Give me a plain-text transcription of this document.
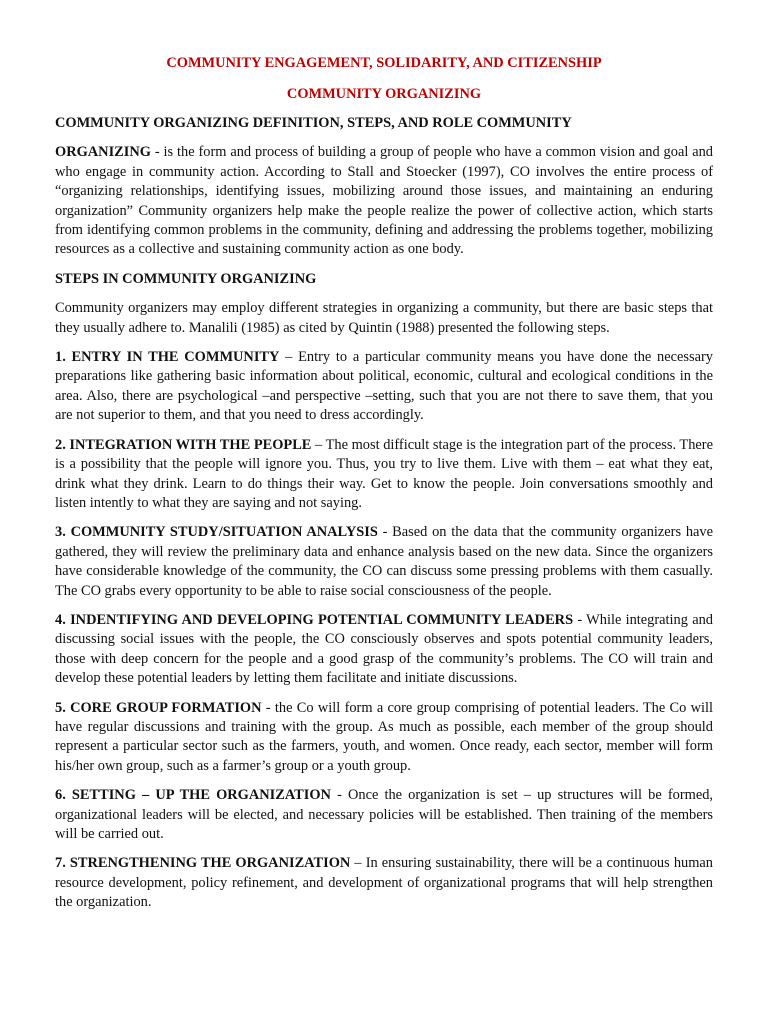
COMMUNITY ENGAGEMENT, SOLIDARITY, AND CITIZENSHIP
COMMUNITY ORGANIZING
COMMUNITY ORGANIZING DEFINITION, STEPS, AND ROLE COMMUNITY

ORGANIZING - is the form and process of building a group of people who have a common vision and goal and who engage in community action. According to Stall and Stoecker (1997), CO involves the entire process of “organizing relationships, identifying issues, mobilizing around those issues, and maintaining an enduring organization” Community organizers help make the people realize the power of collective action, which starts from identifying common problems in the community, defining and addressing the problems together, mobilizing resources as a collective and sustaining community action as one body.

STEPS IN COMMUNITY ORGANIZING

Community organizers may employ different strategies in organizing a community, but there are basic steps that they usually adhere to. Manalili (1985) as cited by Quintin (1988) presented the following steps.

1. ENTRY IN THE COMMUNITY – Entry to a particular community means you have done the necessary preparations like gathering basic information about political, economic, cultural and ecological conditions in the area. Also, there are psychological –and perspective –setting, such that you are not there to save them, that you are not superior to them, and that you need to dress accordingly.

2. INTEGRATION WITH THE PEOPLE – The most difficult stage is the integration part of the process. There is a possibility that the people will ignore you. Thus, you try to live them. Live with them – eat what they eat, drink what they drink. Learn to do things their way. Get to know the people. Join conversations smoothly and listen intently to what they are saying and not saying.

3. COMMUNITY STUDY/SITUATION ANALYSIS - Based on the data that the community organizers have gathered, they will review the preliminary data and enhance analysis based on the new data. Since the organizers have considerable knowledge of the community, the CO can discuss some pressing problems with them casually. The CO grabs every opportunity to be able to raise social consciousness of the people.

4. INDENTIFYING AND DEVELOPING POTENTIAL COMMUNITY LEADERS - While integrating and discussing social issues with the people, the CO consciously observes and spots potential community leaders, those with deep concern for the people and a good grasp of the community’s problems. The CO will train and develop these potential leaders by letting them facilitate and initiate discussions.

5. CORE GROUP FORMATION - the Co will form a core group comprising of potential leaders. The Co will have regular discussions and training with the group. As much as possible, each member of the group should represent a particular sector such as the farmers, youth, and women. Once ready, each sector, member will form his/her own group, such as a farmer’s group or a youth group.

6. SETTING – UP THE ORGANIZATION - Once the organization is set – up structures will be formed, organizational leaders will be elected, and necessary policies will be established. Then training of the members will be carried out.

7. STRENGTHENING THE ORGANIZATION – In ensuring sustainability, there will be a continuous human resource development, policy refinement, and development of organizational programs that will help strengthen the organization.
